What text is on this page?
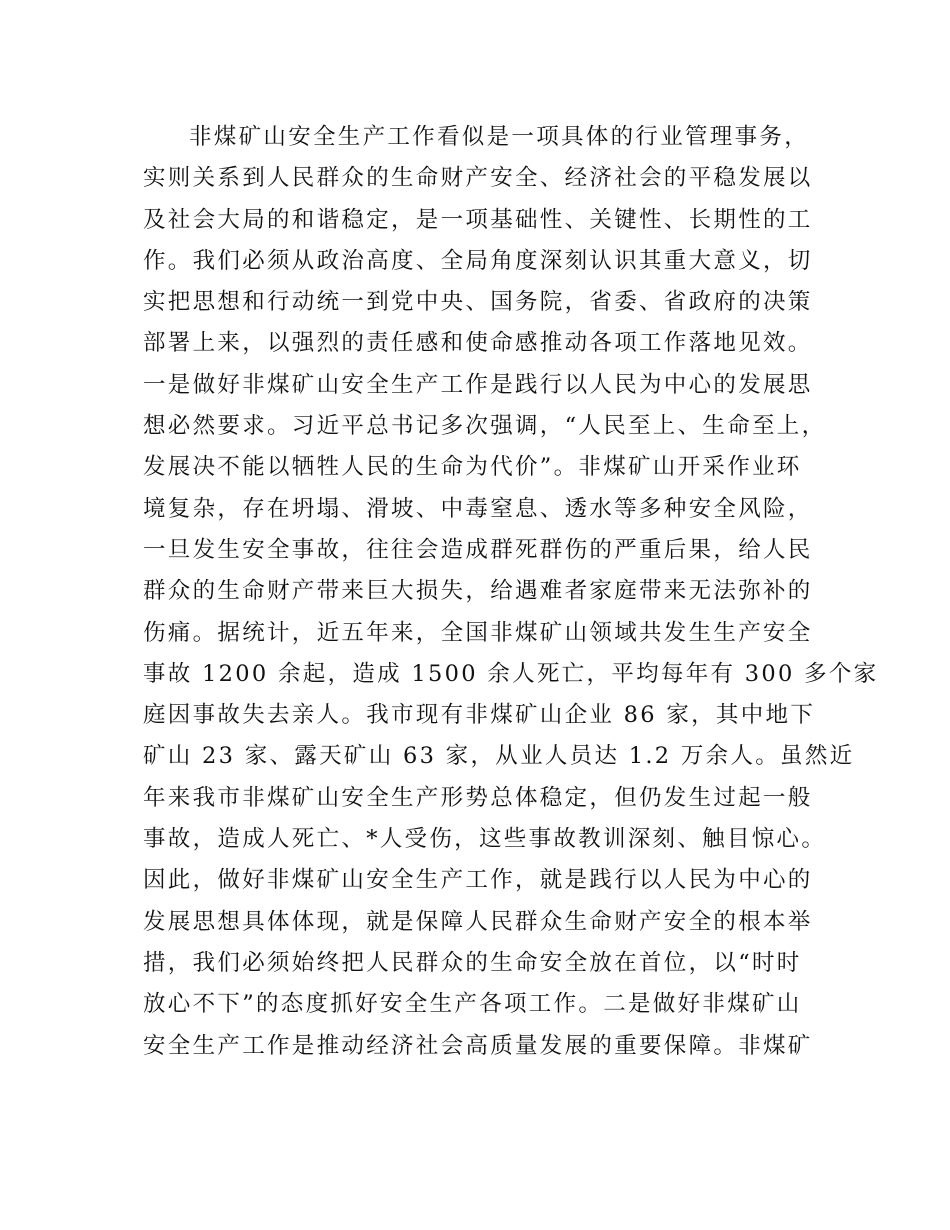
非煤矿山安全生产工作看似是一项具体的行业管理事务，
实则关系到人民群众的生命财产安全、经济社会的平稳发展以
及社会大局的和谐稳定，是一项基础性、关键性、长期性的工
作。我们必须从政治高度、全局角度深刻认识其重大意义，切
实把思想和行动统一到党中央、国务院，省委、省政府的决策
部署上来，以强烈的责任感和使命感推动各项工作落地见效。
一是做好非煤矿山安全生产工作是践行以人民为中心的发展思
想必然要求。习近平总书记多次强调，“人民至上、生命至上，
发展决不能以牺牲人民的生命为代价”。非煤矿山开采作业环
境复杂，存在坍塌、滑坡、中毒窒息、透水等多种安全风险，
一旦发生安全事故，往往会造成群死群伤的严重后果，给人民
群众的生命财产带来巨大损失，给遇难者家庭带来无法弥补的
伤痛。据统计，近五年来，全国非煤矿山领域共发生生产安全
事故 1200 余起，造成 1500 余人死亡，平均每年有 300 多个家
庭因事故失去亲人。我市现有非煤矿山企业 86 家，其中地下
矿山 23 家、露天矿山 63 家，从业人员达 1.2 万余人。虽然近
年来我市非煤矿山安全生产形势总体稳定，但仍发生过起一般
事故，造成人死亡、*人受伤，这些事故教训深刻、触目惊心。
因此，做好非煤矿山安全生产工作，就是践行以人民为中心的
发展思想具体体现，就是保障人民群众生命财产安全的根本举
措，我们必须始终把人民群众的生命安全放在首位，以“时时
放心不下”的态度抓好安全生产各项工作。二是做好非煤矿山
安全生产工作是推动经济社会高质量发展的重要保障。非煤矿
